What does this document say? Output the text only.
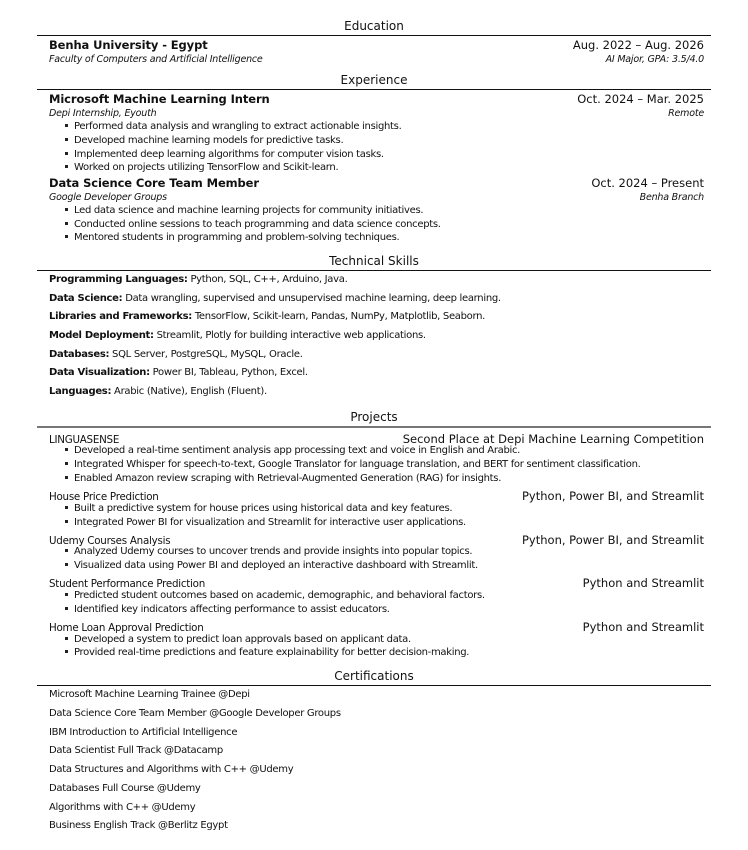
Education
Benha University - Egypt	Aug. 2022 – Aug. 2026
Faculty of Computers and Artificial Intelligence	AI Major, GPA: 3.5/4.0
Experience
Microsoft Machine Learning Intern	Oct. 2024 – Mar. 2025
Depi Internship, Eyouth	Remote
Performed data analysis and wrangling to extract actionable insights.
Developed machine learning models for predictive tasks.
Implemented deep learning algorithms for computer vision tasks.
Worked on projects utilizing TensorFlow and Scikit-learn.
Data Science Core Team Member	Oct. 2024 – Present
Google Developer Groups	Benha Branch
Led data science and machine learning projects for community initiatives.
Conducted online sessions to teach programming and data science concepts.
Mentored students in programming and problem-solving techniques.
Technical Skills
Programming Languages: Python, SQL, C++, Arduino, Java.
Data Science: Data wrangling, supervised and unsupervised machine learning, deep learning.
Libraries and Frameworks: TensorFlow, Scikit-learn, Pandas, NumPy, Matplotlib, Seaborn.
Model Deployment: Streamlit, Plotly for building interactive web applications.
Databases: SQL Server, PostgreSQL, MySQL, Oracle.
Data Visualization: Power BI, Tableau, Python, Excel.
Languages: Arabic (Native), English (Fluent).
Projects
LINGUASENSE	Second Place at Depi Machine Learning Competition
Developed a real-time sentiment analysis app processing text and voice in English and Arabic.
Integrated Whisper for speech-to-text, Google Translator for language translation, and BERT for sentiment classification.
Enabled Amazon review scraping with Retrieval-Augmented Generation (RAG) for insights.
House Price Prediction	Python, Power BI, and Streamlit
Built a predictive system for house prices using historical data and key features.
Integrated Power BI for visualization and Streamlit for interactive user applications.
Udemy Courses Analysis	Python, Power BI, and Streamlit
Analyzed Udemy courses to uncover trends and provide insights into popular topics.
Visualized data using Power BI and deployed an interactive dashboard with Streamlit.
Student Performance Prediction	Python and Streamlit
Predicted student outcomes based on academic, demographic, and behavioral factors.
Identified key indicators affecting performance to assist educators.
Home Loan Approval Prediction	Python and Streamlit
Developed a system to predict loan approvals based on applicant data.
Provided real-time predictions and feature explainability for better decision-making.
Certifications
Microsoft Machine Learning Trainee @Depi
Data Science Core Team Member @Google Developer Groups
IBM Introduction to Artificial Intelligence
Data Scientist Full Track @Datacamp
Data Structures and Algorithms with C++ @Udemy
Databases Full Course @Udemy
Algorithms with C++ @Udemy
Business English Track @Berlitz Egypt
